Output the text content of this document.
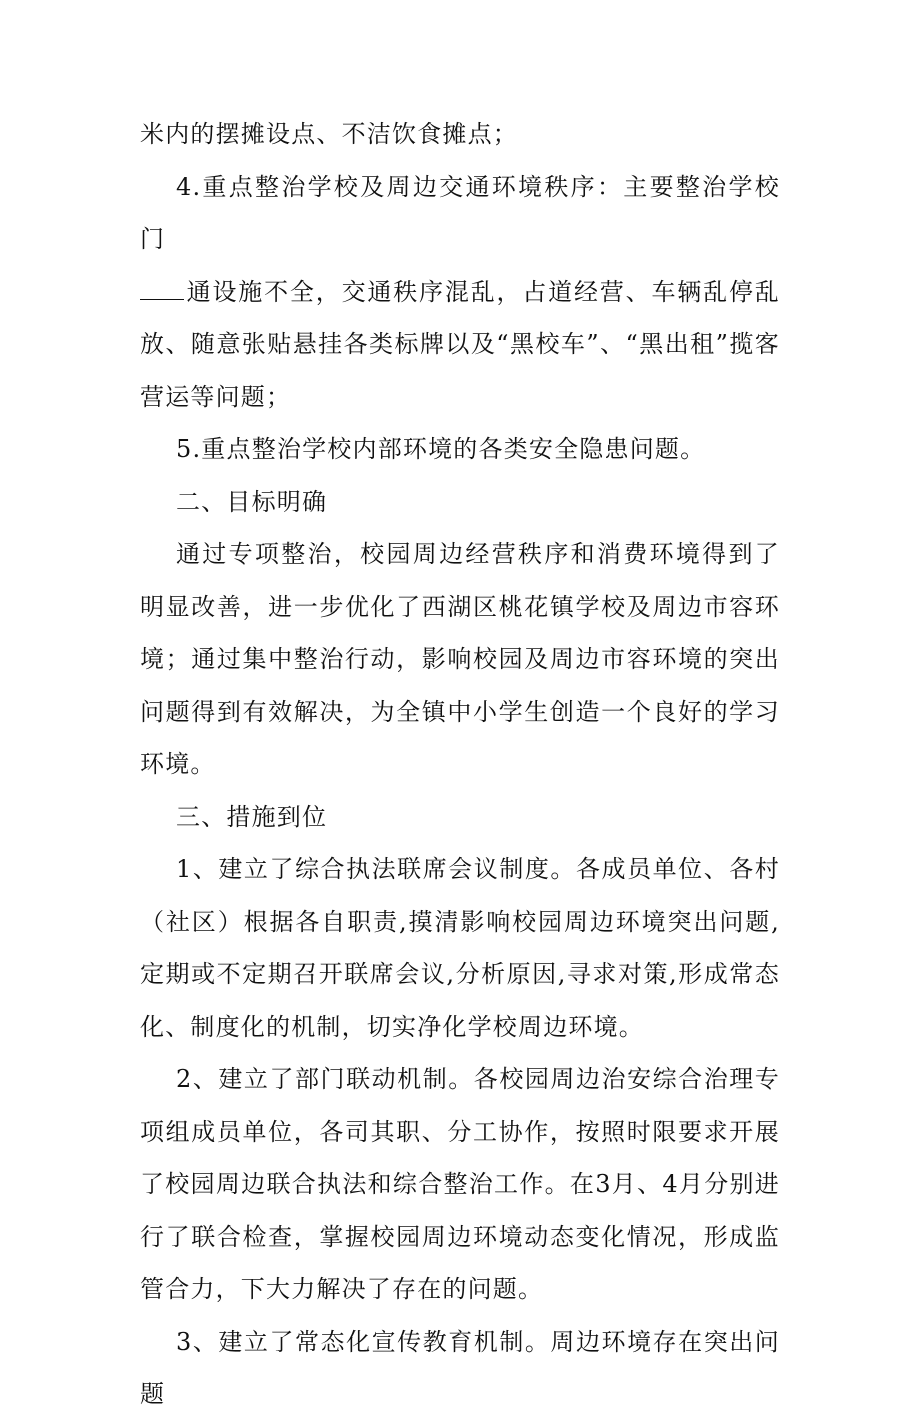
米内的摆摊设点、不洁饮食摊点；

4.重点整治学校及周边交通环境秩序：主要整治学校门

通设施不全，交通秩序混乱，占道经营、车辆乱停乱放、随意张贴悬挂各类标牌以及“黑校车”、“黑出租”揽客营运等问题；

5.重点整治学校内部环境的各类安全隐患问题。

二、目标明确

通过专项整治，校园周边经营秩序和消费环境得到了明显改善，进一步优化了西湖区桃花镇学校及周边市容环境；通过集中整治行动，影响校园及周边市容环境的突出问题得到有效解决，为全镇中小学生创造一个良好的学习环境。

三、措施到位

1、建立了综合执法联席会议制度。各成员单位、各村（社区）根据各自职责,摸清影响校园周边环境突出问题,定期或不定期召开联席会议,分析原因,寻求对策,形成常态化、制度化的机制，切实净化学校周边环境。

2、建立了部门联动机制。各校园周边治安综合治理专项组成员单位，各司其职、分工协作，按照时限要求开展了校园周边联合执法和综合整治工作。在3月、4月分别进行了联合检查，掌握校园周边环境动态变化情况，形成监管合力，下大力解决了存在的问题。

3、建立了常态化宣传教育机制。周边环境存在突出问题
